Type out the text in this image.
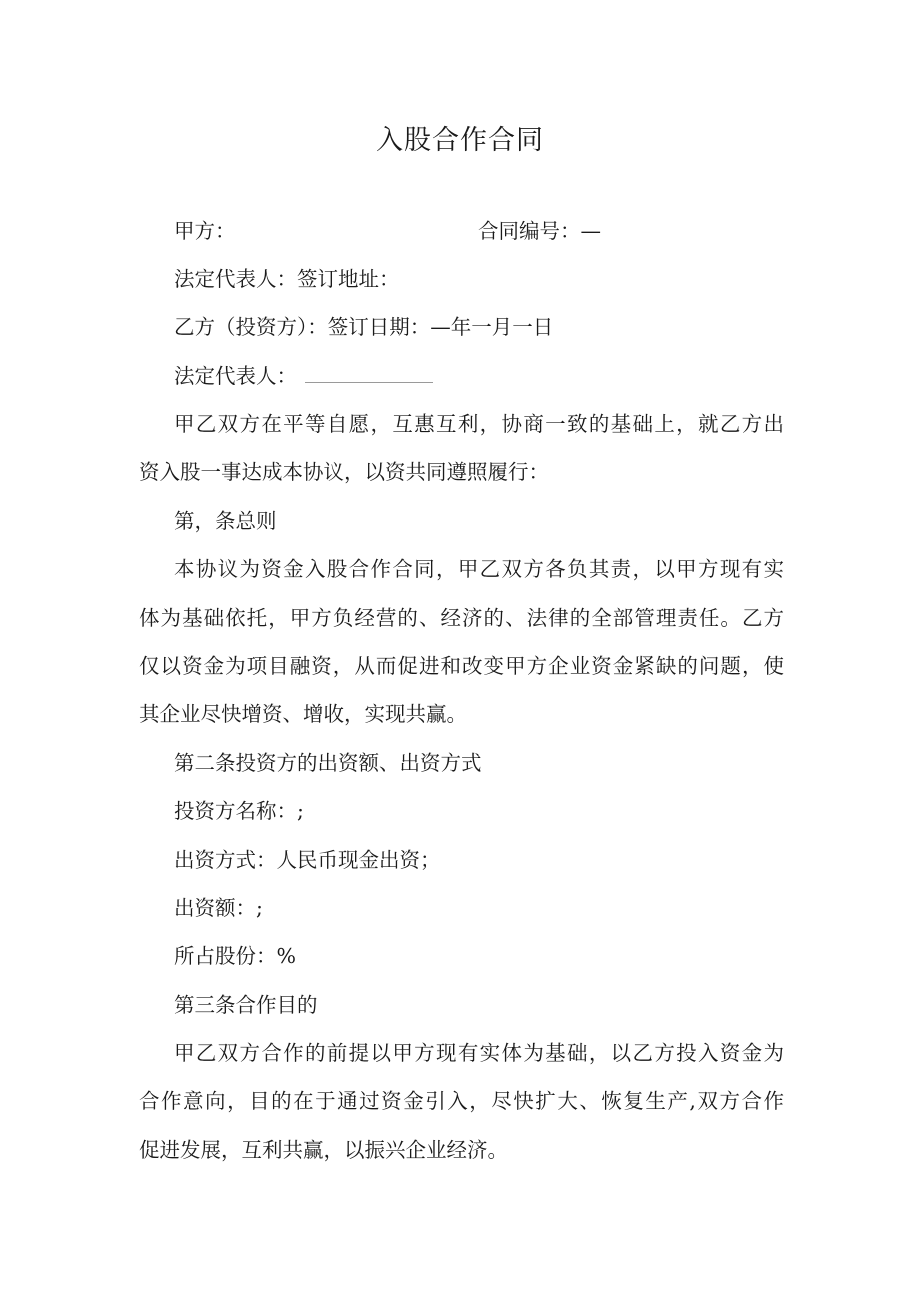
入股合作合同
甲方：	合同编号：—
法定代表人：签订地址：
乙方（投资方）：签订日期：—年一月一日
法定代表人：
甲乙双方在平等自愿，互惠互利，协商一致的基础上，就乙方出
资入股一事达成本协议，以资共同遵照履行：
第，条总则
本协议为资金入股合作合同，甲乙双方各负其责，以甲方现有实
体为基础依托，甲方负经营的、经济的、法律的全部管理责任。乙方
仅以资金为项目融资，从而促进和改变甲方企业资金紧缺的问题，使
其企业尽快增资、增收，实现共赢。
第二条投资方的出资额、出资方式
投资方名称：;
出资方式：人民币现金出资；
出资额：;
所占股份：%
第三条合作目的
甲乙双方合作的前提以甲方现有实体为基础，以乙方投入资金为
合作意向，目的在于通过资金引入，尽快扩大、恢复生产,双方合作
促进发展，互利共赢，以振兴企业经济。
